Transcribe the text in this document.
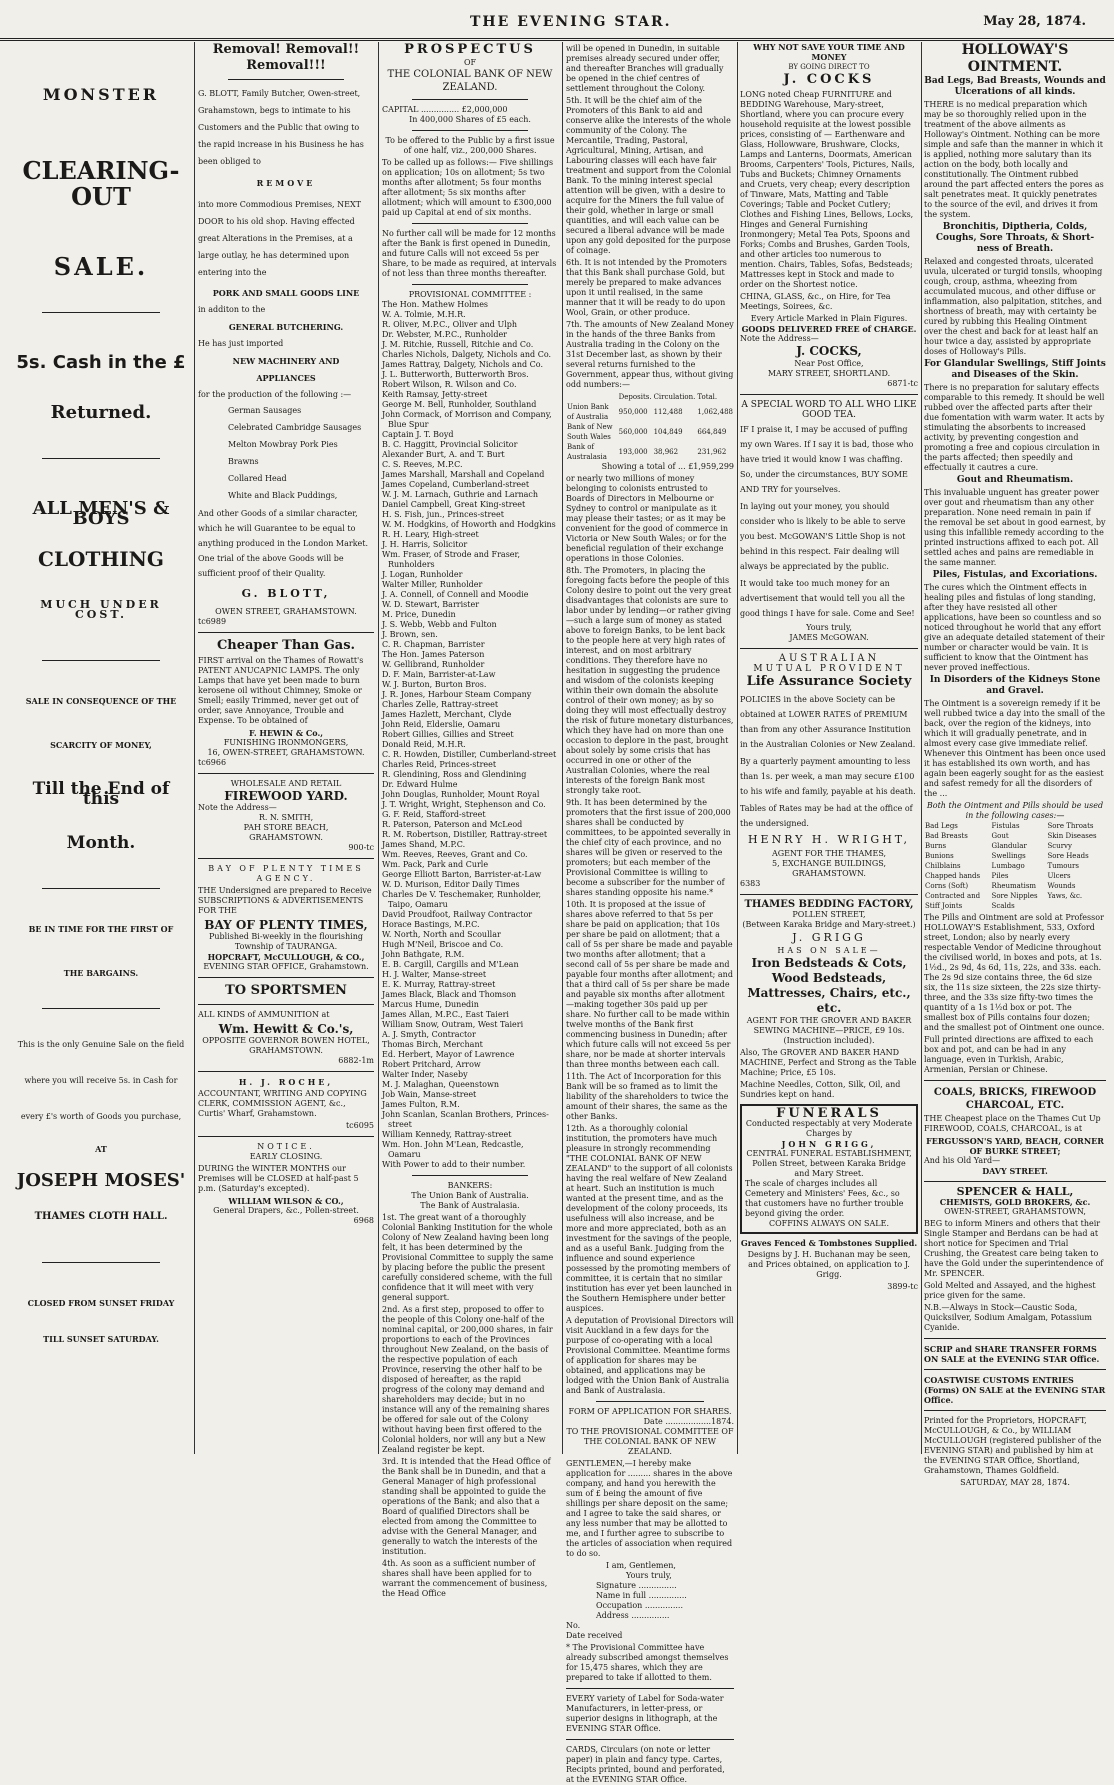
THE EVENING STAR.	May 28, 1874.
MONSTER
CLEARING-OUT
SALE.
5s. Cash in the £
Returned.
ALL MEN'S & BOYS
CLOTHING
MUCH UNDER COST.
SALE IN CONSEQUENCE OF THE
SCARCITY OF MONEY,
Till the End of this
Month.
BE IN TIME FOR THE FIRST OF
THE BARGAINS.
This is the only Genuine Sale on the field
where you will receive 5s. in Cash for
every £'s worth of Goods you purchase,
AT
JOSEPH MOSES'
THAMES CLOTH HALL.
CLOSED FROM SUNSET FRIDAY
TILL SUNSET SATURDAY.
Removal! Removal!!
Removal!!!
G. BLOTT, Family Butcher, Owen-street, Grahamstown, begs to intimate to his Customers and the Public that owing to the rapid increase in his Business he has been obliged to
REMOVE
into more Commodious Premises, NEXT DOOR to his old shop. Having effected great Alterations in the Premises, at a large outlay, he has determined upon entering into the
PORK AND SMALL GOODS LINE
in additon to the
GENERAL BUTCHERING.
He has just imported
NEW MACHINERY AND
APPLIANCES
for the production of the following :—
German Sausages
Celebrated Cambridge Sausages
Melton Mowbray Pork Pies
Brawns
Collared Head
White and Black Puddings,
And other Goods of a similar character, which he will Guarantee to be equal to anything produced in the London Market. One trial of the above Goods will be sufficient proof of their Quality.
G. BLOTT,
OWEN STREET, GRAHAMSTOWN.
tc6989
Cheaper Than Gas.
FIRST arrival on the Thames of Rowatt's PATENT ANUCAPNIC LAMPS. The only Lamps that have yet been made to burn kerosene oil without Chimney, Smoke or Smell; easily Trimmed, never get out of order, save Annoyance, Trouble and Expense. To be obtained of
F. HEWIN & Co.,
FUNISHING IRONMONGERS,
16, OWEN-STREET, GRAHAMSTOWN.
tc6966
WHOLESALE AND RETAIL
FIREWOOD YARD.
Note the Address—
R. N. SMITH,
PAH STORE BEACH,
GRAHAMSTOWN.
900-tc
BAY OF PLENTY TIMES AGENCY.
THE Undersigned are prepared to Receive SUBSCRIPTIONS & ADVERTISEMENTS FOR THE
BAY OF PLENTY TIMES,
Published Bi-weekly in the flourishing Township of TAURANGA.
HOPCRAFT, McCULLOUGH, & CO.,
EVENING STAR OFFICE, Grahamstown.
TO SPORTSMEN
ALL KINDS of AMMUNITION at
Wm. Hewitt & Co.'s,
OPPOSITE GOVERNOR BOWEN HOTEL, GRAHAMSTOWN.
6882-1m
H. J. ROCHE,
ACCOUNTANT, WRITING AND COPYING CLERK, COMMISSION AGENT, &c., Curtis' Wharf, Grahamstown.
tc6095
NOTICE.
EARLY CLOSING.
DURING the WINTER MONTHS our Premises will be CLOSED at half-past 5 p.m. (Saturday's excepted).
WILLIAM WILSON & CO.,
General Drapers, &c., Pollen-street.
6968
PROSPECTUS
OF
THE COLONIAL BANK OF NEW ZEALAND.
CAPITAL ............... £2,000,000
In 400,000 Shares of £5 each.
To be offered to the Public by a first issue of one half, viz., 200,000 Shares.
To be called up as follows:— Five shillings on application; 10s on allotment; 5s two months after allotment; 5s four months after allotment; 5s six months after allotment; which will amount to £300,000 paid up Capital at end of six months.
No further call will be made for 12 months after the Bank is first opened in Dunedin, and future Calls will not exceed 5s per Share, to be made as required, at intervals of not less than three months thereafter.
PROVISIONAL COMMITTEE :
The Hon. Mathew Holmes
W. A. Tolmie, M.H.R.
R. Oliver, M.P.C., Oliver and Ulph
Dr. Webster, M.P.C., Runholder
J. M. Ritchie, Russell, Ritchie and Co.
Charles Nichols, Dalgety, Nichols and Co.
James Rattray, Dalgety, Nichols and Co.
J. L. Butterworth, Butterworth Bros.
Robert Wilson, R. Wilson and Co.
Keith Ramsay, Jetty-street
George M. Bell, Runholder, Southland
John Cormack, of Morrison and Company, Blue Spur
Captain J. T. Boyd
B. C. Haggitt, Provincial Solicitor
Alexander Burt, A. and T. Burt
C. S. Reeves, M.P.C.
James Marshall, Marshall and Copeland
James Copeland, Cumberland-street
W. J. M. Larnach, Guthrie and Larnach
Daniel Campbell, Great King-street
H. S. Fish, jun., Princes-street
W. M. Hodgkins, of Howorth and Hodgkins
R. H. Leary, High-street
J. H. Harris, Solicitor
Wm. Fraser, of Strode and Fraser, Runholders
J. Logan, Runholder
Walter Miller, Runholder
J. A. Connell, of Connell and Moodie
W. D. Stewart, Barrister
M. Price, Dunedin
J. S. Webb, Webb and Fulton
J. Brown, sen.
C. R. Chapman, Barrister
The Hon. James Paterson
W. Gellibrand, Runholder
D. F. Main, Barrister-at-Law
W. J. Burton, Burton Bros.
J. R. Jones, Harbour Steam Company
Charles Zelle, Rattray-street
James Hazlett, Merchant, Clyde
John Reid, Elderslie, Oamaru
Robert Gillies, Gillies and Street
Donald Reid, M.H.R.
C. R. Howden, Distiller, Cumberland-street
Charles Reid, Princes-street
R. Glendining, Ross and Glendining
Dr. Edward Hulme
John Douglas, Runholder, Mount Royal
J. T. Wright, Wright, Stephenson and Co.
G. F. Reid, Stafford-street
R. Paterson, Paterson and McLeod
R. M. Robertson, Distiller, Rattray-street
James Shand, M.P.C.
Wm. Reeves, Reeves, Grant and Co.
Wm. Pack, Park and Curle
George Elliott Barton, Barrister-at-Law
W. D. Murison, Editor Daily Times
Charles De V. Teschemaker, Runholder, Taipo, Oamaru
David Proudfoot, Railway Contractor
Horace Bastings, M.P.C.
W. North, North and Scoullar
Hugh M'Neil, Briscoe and Co.
John Bathgate, R.M.
E. B. Cargill, Cargills and M'Lean
H. J. Walter, Manse-street
E. K. Murray, Rattray-street
James Black, Black and Thomson
Marcus Hume, Dunedin
James Allan, M.P.C., East Taieri
William Snow, Outram, West Taieri
A. J. Smyth, Contractor
Thomas Birch, Merchant
Ed. Herbert, Mayor of Lawrence
Robert Pritchard, Arrow
Walter Inder, Naseby
M. J. Malaghan, Queenstown
Job Wain, Manse-street
James Fulton, R.M.
John Scanlan, Scanlan Brothers, Princes-street
William Kennedy, Rattray-street
Wm. Hon. John M'Lean, Redcastle, Oamaru
With Power to add to their number.
BANKERS:
The Union Bank of Australia.
The Bank of Australasia.
1st. The great want of a thoroughly Colonial Banking Institution for the whole Colony of New Zealand having been long felt, it has been determined by the Provisional Committee to supply the same by placing before the public the present carefully considered scheme, with the full confidence that it will meet with very general support.
2nd. As a first step, proposed to offer to the people of this Colony one-half of the nominal capital, or 200,000 shares, in fair proportions to each of the Provinces throughout New Zealand, on the basis of the respective population of each Province, reserving the other half to be disposed of hereafter, as the rapid progress of the colony may demand and shareholders may decide; but in no instance will any of the remaining shares be offered for sale out of the Colony without having been first offered to the Colonial holders, nor will any but a New Zealand register be kept.
3rd. It is intended that the Head Office of the Bank shall be in Dunedin, and that a General Manager of high professional standing shall be appointed to guide the operations of the Bank; and also that a Board of qualified Directors shall be elected from among the Committee to advise with the General Manager, and generally to watch the interests of the institution.
4th. As soon as a sufficient number of shares shall have been applied for to warrant the commencement of business, the Head Office
will be opened in Dunedin, in suitable premises already secured under offer, and thereafter Branches will gradually be opened in the chief centres of settlement throughout the Colony.
5th. It will be the chief aim of the Promoters of this Bank to aid and conserve alike the interests of the whole community of the Colony. The Mercantile, Trading, Pastoral, Agricultural, Mining, Artisan, and Labouring classes will each have fair treatment and support from the Colonial Bank. To the mining interest special attention will be given, with a desire to acquire for the Miners the full value of their gold, whether in large or small quantities, and will each value can be secured a liberal advance will be made upon any gold deposited for the purpose of coinage.
6th. It is not intended by the Promoters that this Bank shall purchase Gold, but merely be prepared to make advances upon it until realised, in the same manner that it will be ready to do upon Wool, Grain, or other produce.
7th. The amounts of New Zealand Money in the hands of the three Banks from Australia trading in the Colony on the 31st December last, as shown by their several returns furnished to the Government, appear thus, without giving odd numbers:—
	Deposits.	Circulation.	Total.
Union Bank of Australia	950,000	112,488	1,062,488
Bank of New South Wales	560,000	104,849	664,849
Bank of Australasia	193,000	38,962	231,962
Showing a total of ... £1,959,299
or nearly two millions of money belonging to colonists entrusted to Boards of Directors in Melbourne or Sydney to control or manipulate as it may please their tastes; or as it may be convenient for the good of commerce in Victoria or New South Wales; or for the beneficial regulation of their exchange operations in those Colonies.
8th. The Promoters, in placing the foregoing facts before the people of this Colony desire to point out the very great disadvantages that colonists are sure to labor under by lending—or rather giving—such a large sum of money as stated above to foreign Banks, to be lent back to the people here at very high rates of interest, and on most arbitrary conditions. They therefore have no hesitation in suggesting the prudence and wisdom of the colonists keeping within their own domain the absolute control of their own money; as by so doing they will most effectually destroy the risk of future monetary disturbances, which they have had on more than one occasion to deplore in the past, brought about solely by some crisis that has occurred in one or other of the Australian Colonies, where the real interests of the foreign Bank most strongly take root.
9th. It has been determined by the promoters that the first issue of 200,000 shares shall be conducted by committees, to be appointed severally in the chief city of each province, and no shares will be given or reserved to the promoters; but each member of the Provisional Committee is willing to become a subscriber for the number of shares standing opposite his name.*
10th. It is proposed at the issue of shares above referred to that 5s per share be paid on application; that 10s per share be paid on allotment; that a call of 5s per share be made and payable two months after allotment; that a second call of 5s per share be made and payable four months after allotment; and that a third call of 5s per share be made and payable six months after allotment —making together 30s paid up per share. No further call to be made within twelve months of the Bank first commencing business in Dunedin; after which future calls will not exceed 5s per share, nor be made at shorter intervals than three months between each call.
11th. The Act of Incorporation for this Bank will be so framed as to limit the liability of the shareholders to twice the amount of their shares, the same as the other Banks.
12th. As a thoroughly colonial institution, the promoters have much pleasure in strongly recommending "THE COLONIAL BANK OF NEW ZEALAND" to the support of all colonists having the real welfare of New Zealand at heart. Such an institution is much wanted at the present time, and as the development of the colony proceeds, its usefulness will also increase, and be more and more appreciated, both as an investment for the savings of the people, and as a useful Bank. Judging from the influence and sound experience possessed by the promoting members of committee, it is certain that no similar institution has ever yet been launched in the Southern Hemisphere under better auspices.
A deputation of Provisional Directors will visit Auckland in a few days for the purpose of co-operating with a local Provisional Committee. Meantime forms of application for shares may be obtained, and applications may be lodged with the Union Bank of Australia and Bank of Australasia.
FORM OF APPLICATION FOR SHARES.
Date ..................1874.
TO THE PROVISIONAL COMMITTEE OF THE COLONIAL BANK OF NEW ZEALAND.
GENTLEMEN,—I hereby make application for ......... shares in the above company, and hand you herewith the sum of £ being the amount of five shillings per share deposit on the same; and I agree to take the said shares, or any less number that may be allotted to me, and I further agree to subscribe to the articles of association when required to do so.
I am, Gentlemen,
Yours truly,
Signature ...............
Name in full ...............
Occupation ...............
Address ...............
No.
Date received
* The Provisional Committee have already subscribed amongst themselves for 15,475 shares, which they are prepared to take if allotted to them.
EVERY variety of Label for Soda-water Manufacturers, in letter-press, or superior designs in lithograph, at the EVENING STAR Office.
CARDS, Circulars (on note or letter paper) in plain and fancy type. Cartes, Recipts printed, bound and perforated, at the EVENING STAR Office.
WHY NOT SAVE YOUR TIME AND MONEY
BY GOING DIRECT TO
J. COCKS
LONG noted Cheap FURNITURE and BEDDING Warehouse, Mary-street, Shortland, where you can procure every household requisite at the lowest possible prices, consisting of — Earthenware and Glass, Hollowware, Brushware, Clocks, Lamps and Lanterns, Doormats, American Brooms, Carpenters' Tools, Pictures, Nails, Tubs and Buckets; Chimney Ornaments and Cruets, very cheap; every description of Tinware, Mats, Matting and Table Coverings; Table and Pocket Cutlery; Clothes and Fishing Lines, Bellows, Locks, Hinges and General Furnishing Ironmongery; Metal Tea Pots, Spoons and Forks; Combs and Brushes, Garden Tools, and other articles too numerous to mention. Chairs, Tables, Sofas, Bedsteads; Mattresses kept in Stock and made to order on the Shortest notice.
CHINA, GLASS, &c., on Hire, for Tea Meetings, Soirees, &c.
Every Article Marked in Plain Figures.
GOODS DELIVERED FREE of CHARGE.
Note the Address—
J. COCKS,
Near Post Office,
MARY STREET, SHORTLAND.
6871-tc
A SPECIAL WORD TO ALL WHO LIKE GOOD TEA.
IF I praise it, I may be accused of puffing my own Wares. If I say it is bad, those who have tried it would know I was chaffing. So, under the circumstances, BUY SOME AND TRY for yourselves.
In laying out your money, you should consider who is likely to be able to serve you best. McGOWAN'S Little Shop is not behind in this respect. Fair dealing will always be appreciated by the public.
It would take too much money for an advertisement that would tell you all the good things I have for sale. Come and See!
Yours truly,
JAMES McGOWAN.
AUSTRALIAN
MUTUAL PROVIDENT
Life Assurance Society
POLICIES in the above Society can be obtained at LOWER RATES of PREMIUM than from any other Assurance Institution in the Australian Colonies or New Zealand.
By a quarterly payment amounting to less than 1s. per week, a man may secure £100 to his wife and family, payable at his death.
Tables of Rates may be had at the office of the undersigned.
HENRY H. WRIGHT,
AGENT FOR THE THAMES,
5, EXCHANGE BUILDINGS, GRAHAMSTOWN.
6383
THAMES BEDDING FACTORY,
POLLEN STREET,
(Between Karaka Bridge and Mary-street.)
J. GRIGG
HAS ON SALE—
Iron Bedsteads & Cots, Wood Bedsteads, Mattresses, Chairs, etc., etc.
AGENT FOR THE GROVER AND BAKER SEWING MACHINE—PRICE, £9 10s.
(Instruction included).
Also, The GROVER AND BAKER HAND MACHINE, Perfect and Strong as the Table Machine; Price, £5 10s.
Machine Needles, Cotton, Silk, Oil, and Sundries kept on hand.
FUNERALS
Conducted respectably at very Moderate Charges by
JOHN GRIGG,
CENTRAL FUNERAL ESTABLISHMENT,
Pollen Street, between Karaka Bridge and Mary Street.
The scale of charges includes all Cemetery and Ministers' Fees, &c., so that customers have no further trouble beyond giving the order.
COFFINS ALWAYS ON SALE.
Graves Fenced & Tombstones Supplied.
Designs by J. H. Buchanan may be seen, and Prices obtained, on application to J. Grigg.
3899-tc
HOLLOWAY'S OINTMENT.
Bad Legs, Bad Breasts, Wounds and Ulcerations of all kinds.
THERE is no medical preparation which may be so thoroughly relied upon in the treatment of the above ailments as Holloway's Ointment. Nothing can be more simple and safe than the manner in which it is applied, nothing more salutary than its action on the body, both locally and constitutionally. The Ointment rubbed around the part affected enters the pores as salt penetrates meat. It quickly penetrates to the source of the evil, and drives it from the system.
Bronchitis, Diptheria, Colds, Coughs, Sore Throats, & Short- ness of Breath.
Relaxed and congested throats, ulcerated uvula, ulcerated or turgid tonsils, whooping cough, croup, asthma, wheezing from accumulated mucous, and other diffuse or inflammation, also palpitation, stitches, and shortness of breath, may with certainty be cured by rubbing this Healing Ointment over the chest and back for at least half an hour twice a day, assisted by appropriate doses of Holloway's Pills.
For Glandular Swellings, Stiff Joints and Diseases of the Skin.
There is no preparation for salutary effects comparable to this remedy. It should be well rubbed over the affected parts after their due fomentation with warm water. It acts by stimulating the absorbents to increased activity, by preventing congestion and promoting a free and copious circulation in the parts affected; then speedily and effectually it cautres a cure.
Gout and Rheumatism.
This invaluable unguent has greater power over gout and rheumatism than any other preparation. None need remain in pain if the removal be set about in good earnest, by using this infallible remedy according to the printed instructions affixed to each pot. All settled aches and pains are remediable in the same manner.
Piles, Fistulas, and Excoriations.
The cures which the Ointment effects in healing piles and fistulas of long standing, after they have resisted all other applications, have been so countless and so noticed throughout he world that any effort give an adequate detailed statement of their number or character would be vain. It is sufficient to know that the Ointment has never proved ineffectious.
In Disorders of the Kidneys Stone and Gravel.
The Ointment is a sovereign remedy if it be well rubbed twice a day into the small of the back, over the region of the kidneys, into which it will gradually penetrate, and in almost every case give immediate relief. Whenever this Ointment has been once used it has established its own worth, and has again been eagerly sought for as the easiest and safest remedy for all the disorders of the ...
Both the Ointment and Pills should be used in the following cases:—
Bad Legs	Fistulas	Sore Throats
Bad Breasts	Gout	Skin Diseases
Burns	Glandular	Scurvy
Bunions	Swellings	Sore Heads
Chilblains	Lumbago	Tumours
Chapped hands	Piles	Ulcers
Corns (Soft)	Rheumatism	Wounds
Contracted and	Sore Nipples	Yaws, &c.
Stiff Joints	Scalds	
The Pills and Ointment are sold at Professor HOLLOWAY'S Establishment, 533, Oxford street, London; also by nearly every respectable Vendor of Medicine throughout the civilised world, in boxes and pots, at 1s. 1½d., 2s 9d, 4s 6d, 11s, 22s, and 33s. each. The 2s 9d size contains three, the 6d size six, the 11s size sixteen, the 22s size thirty-three, and the 33s size fifty-two times the quantity of a 1s 1½d box or pot. The smallest box of Pills contains four dozen; and the smallest pot of Ointment one ounce.
Full printed directions are affixed to each box and pot, and can be had in any language, even in Turkish, Arabic, Armenian, Persian or Chinese.
COALS, BRICKS, FIREWOOD CHARCOAL, ETC.
THE Cheapest place on the Thames Cut Up FIREWOOD, COALS, CHARCOAL, is at
FERGUSSON'S YARD, BEACH, CORNER OF BURKE STREET;
And his Old Yard—
DAVY STREET.
SPENCER & HALL,
CHEMISTS, GOLD BROKERS, &c.
OWEN-STREET, GRAHAMSTOWN,
BEG to inform Miners and others that their Single Stamper and Berdans can be had at short notice for Specimen and Trial Crushing, the Greatest care being taken to have the Gold under the superintendence of Mr. SPENCER.
Gold Melted and Assayed, and the highest price given for the same.
N.B.—Always in Stock—Caustic Soda, Quicksilver, Sodium Amalgam, Potassium Cyanide.
SCRIP and SHARE TRANSFER FORMS ON SALE at the EVENING STAR Office.
COASTWISE CUSTOMS ENTRIES (Forms) ON SALE at the EVENING STAR Office.
Printed for the Proprietors, HOPCRAFT, McCULLOUGH, & Co., by WILLIAM McCULLOUGH (registered publisher of the EVENING STAR) and published by him at the EVENING STAR Office, Shortland, Grahamstown, Thames Goldfield.
SATURDAY, MAY 28, 1874.
